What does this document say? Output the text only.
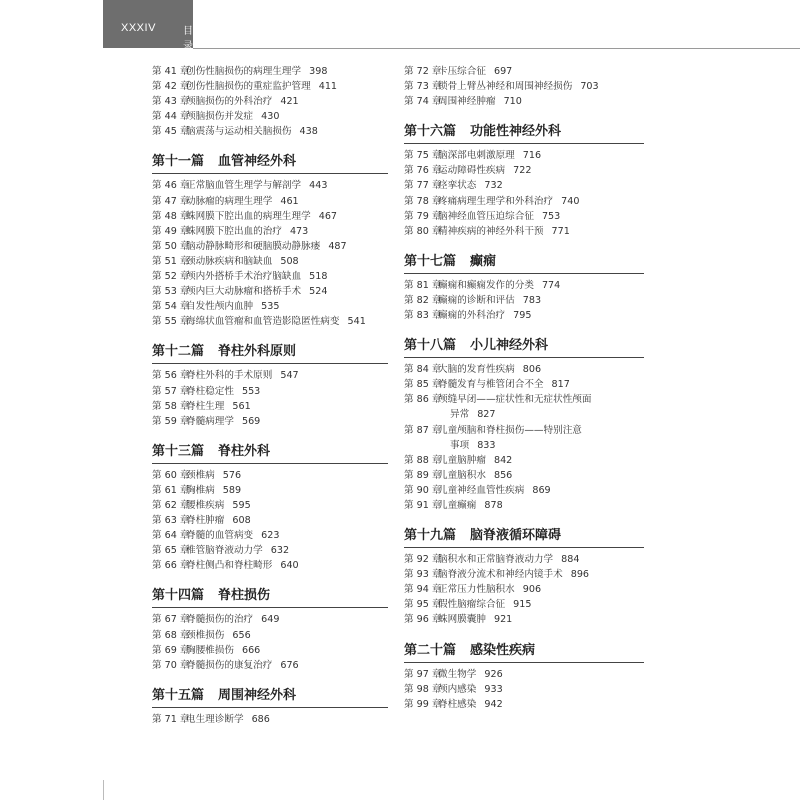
XXXIV	目 录
第 41 章创伤性脑损伤的病理生理学 398
第 42 章创伤性脑损伤的重症监护管理 411
第 43 章颅脑损伤的外科治疗 421
第 44 章颅脑损伤并发症 430
第 45 章脑震荡与运动相关脑损伤 438
第十一篇 血管神经外科
第 46 章正常脑血管生理学与解剖学 443
第 47 章动脉瘤的病理生理学 461
第 48 章蛛网膜下腔出血的病理生理学 467
第 49 章蛛网膜下腔出血的治疗 473
第 50 章脑动静脉畸形和硬脑膜动静脉瘘 487
第 51 章颈动脉疾病和脑缺血 508
第 52 章颅内外搭桥手术治疗脑缺血 518
第 53 章颅内巨大动脉瘤和搭桥手术 524
第 54 章自发性颅内血肿 535
第 55 章海绵状血管瘤和血管造影隐匿性病变 541
第十二篇 脊柱外科原则
第 56 章脊柱外科的手术原则 547
第 57 章脊柱稳定性 553
第 58 章脊柱生理 561
第 59 章脊髓病理学 569
第十三篇 脊柱外科
第 60 章颈椎病 576
第 61 章胸椎病 589
第 62 章腰椎疾病 595
第 63 章脊柱肿瘤 608
第 64 章脊髓的血管病变 623
第 65 章椎管脑脊液动力学 632
第 66 章脊柱侧凸和脊柱畸形 640
第十四篇 脊柱损伤
第 67 章脊髓损伤的治疗 649
第 68 章颈椎损伤 656
第 69 章胸腰椎损伤 666
第 70 章脊髓损伤的康复治疗 676
第十五篇 周围神经外科
第 71 章电生理诊断学 686
第 72 章卡压综合征 697
第 73 章锁骨上臂丛神经和周围神经损伤 703
第 74 章周围神经肿瘤 710
第十六篇 功能性神经外科
第 75 章脑深部电刺激原理 716
第 76 章运动障碍性疾病 722
第 77 章痉挛状态 732
第 78 章疼痛病理生理学和外科治疗 740
第 79 章脑神经血管压迫综合征 753
第 80 章精神疾病的神经外科干预 771
第十七篇 癫痫
第 81 章癫痫和癫痫发作的分类 774
第 82 章癫痫的诊断和评估 783
第 83 章癫痫的外科治疗 795
第十八篇 小儿神经外科
第 84 章大脑的发育性疾病 806
第 85 章脊髓发育与椎管闭合不全 817
第 86 章颅缝早闭——症状性和无症状性颅面
异常 827
第 87 章儿童颅脑和脊柱损伤——特别注意
事项 833
第 88 章儿童脑肿瘤 842
第 89 章儿童脑积水 856
第 90 章儿童神经血管性疾病 869
第 91 章儿童癫痫 878
第十九篇 脑脊液循环障碍
第 92 章脑积水和正常脑脊液动力学 884
第 93 章脑脊液分流术和神经内镜手术 896
第 94 章正常压力性脑积水 906
第 95 章假性脑瘤综合征 915
第 96 章蛛网膜囊肿 921
第二十篇 感染性疾病
第 97 章微生物学 926
第 98 章颅内感染 933
第 99 章脊柱感染 942
